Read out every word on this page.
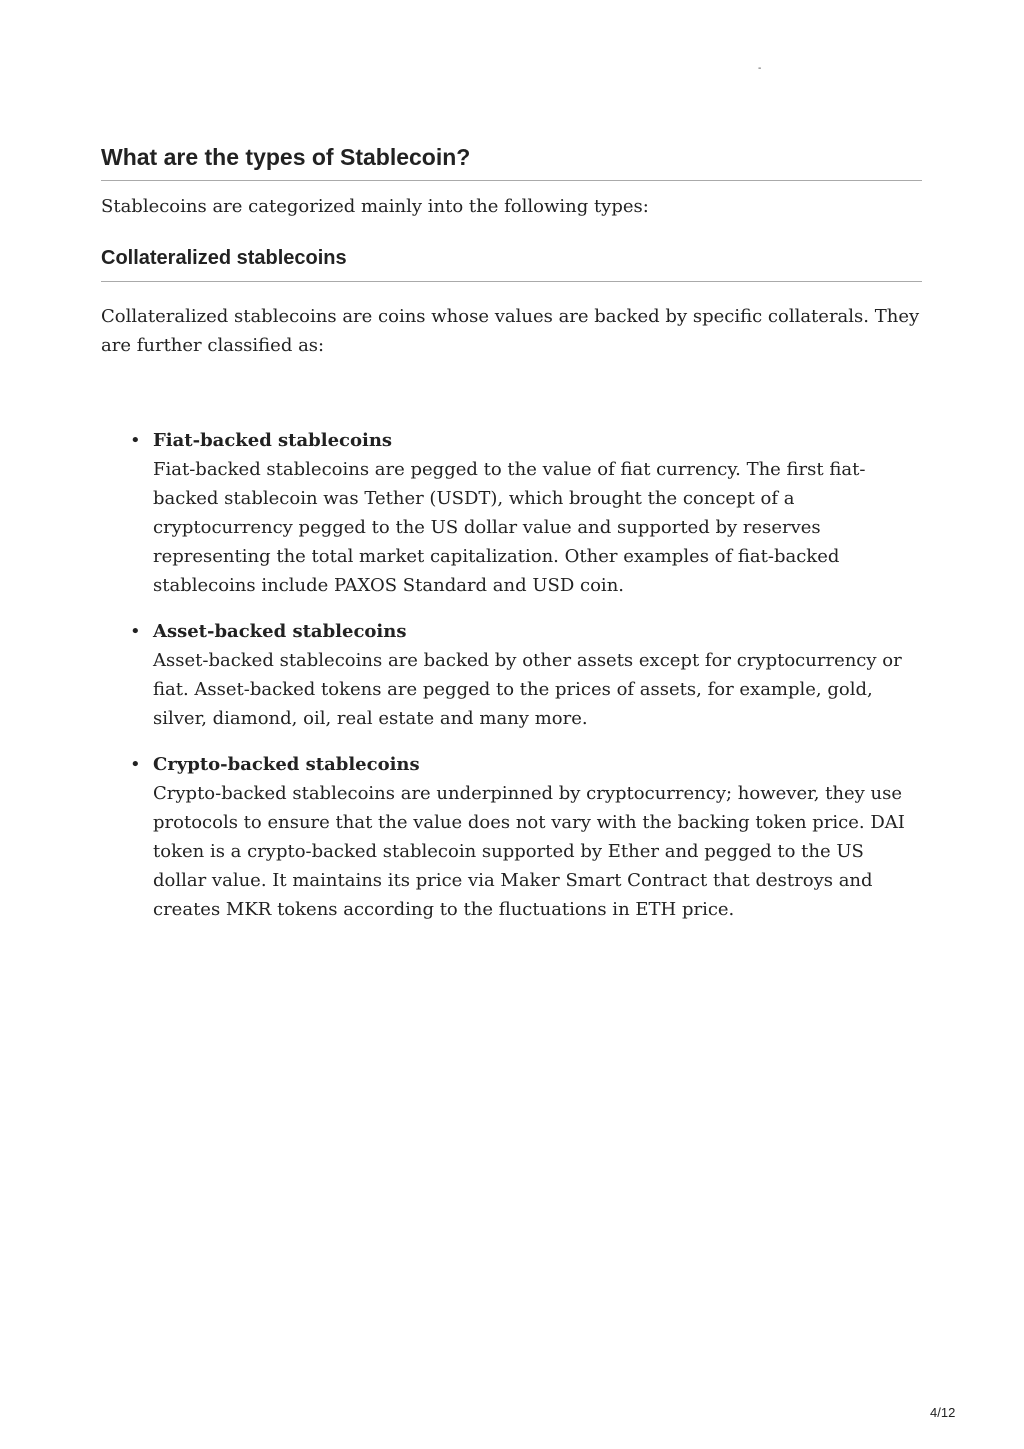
-
What are the types of Stablecoin?

Stablecoins are categorized mainly into the following types:

Collateralized stablecoins

Collateralized stablecoins are coins whose values are backed by specific collaterals. They are further classified as:

• Fiat-backed stablecoins
Fiat-backed stablecoins are pegged to the value of fiat currency. The first fiat-backed stablecoin was Tether (USDT), which brought the concept of a cryptocurrency pegged to the US dollar value and supported by reserves representing the total market capitalization. Other examples of fiat-backed stablecoins include PAXOS Standard and USD coin.
• Asset-backed stablecoins
Asset-backed stablecoins are backed by other assets except for cryptocurrency or fiat. Asset-backed tokens are pegged to the prices of assets, for example, gold, silver, diamond, oil, real estate and many more.
• Crypto-backed stablecoins
Crypto-backed stablecoins are underpinned by cryptocurrency; however, they use protocols to ensure that the value does not vary with the backing token price. DAI token is a crypto-backed stablecoin supported by Ether and pegged to the US dollar value. It maintains its price via Maker Smart Contract that destroys and creates MKR tokens according to the fluctuations in ETH price.
4/12
